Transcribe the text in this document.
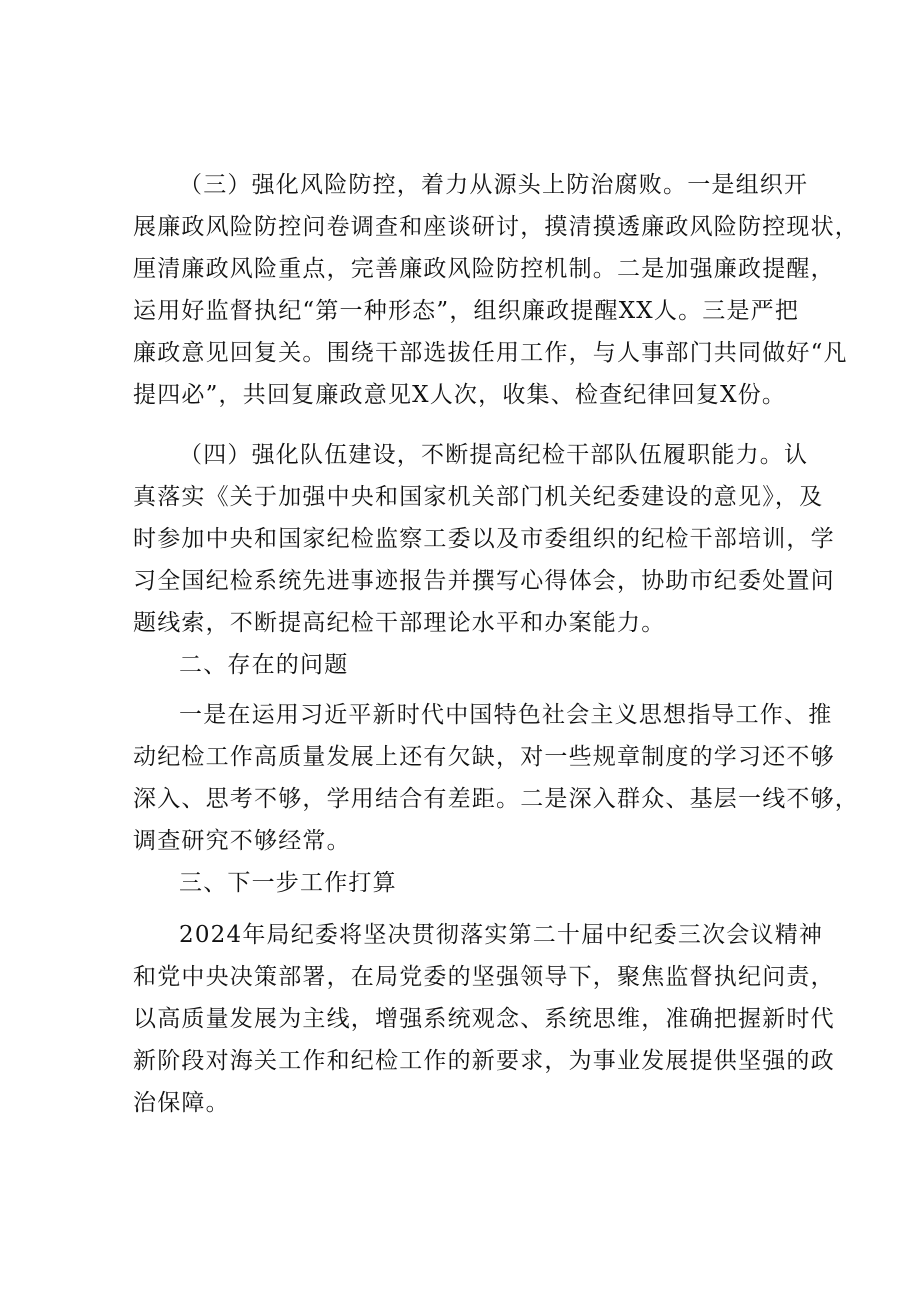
（三）强化风险防控，着力从源头上防治腐败。一是组织开
展廉政风险防控问卷调查和座谈研讨，摸清摸透廉政风险防控现状，
厘清廉政风险重点，完善廉政风险防控机制。二是加强廉政提醒，
运用好监督执纪“第一种形态”，组织廉政提醒XX人。三是严把
廉政意见回复关。围绕干部选拔任用工作，与人事部门共同做好“凡
提四必”，共回复廉政意见X人次，收集、检查纪律回复X份。
（四）强化队伍建设，不断提高纪检干部队伍履职能力。认
真落实《关于加强中央和国家机关部门机关纪委建设的意见》，及
时参加中央和国家纪检监察工委以及市委组织的纪检干部培训，学
习全国纪检系统先进事迹报告并撰写心得体会，协助市纪委处置问
题线索，不断提高纪检干部理论水平和办案能力。
二、存在的问题
一是在运用习近平新时代中国特色社会主义思想指导工作、推
动纪检工作高质量发展上还有欠缺，对一些规章制度的学习还不够
深入、思考不够，学用结合有差距。二是深入群众、基层一线不够，
调查研究不够经常。
三、下一步工作打算
2024年局纪委将坚决贯彻落实第二十届中纪委三次会议精神
和党中央决策部署，在局党委的坚强领导下，聚焦监督执纪问责，
以高质量发展为主线，增强系统观念、系统思维，准确把握新时代
新阶段对海关工作和纪检工作的新要求，为事业发展提供坚强的政
治保障。
